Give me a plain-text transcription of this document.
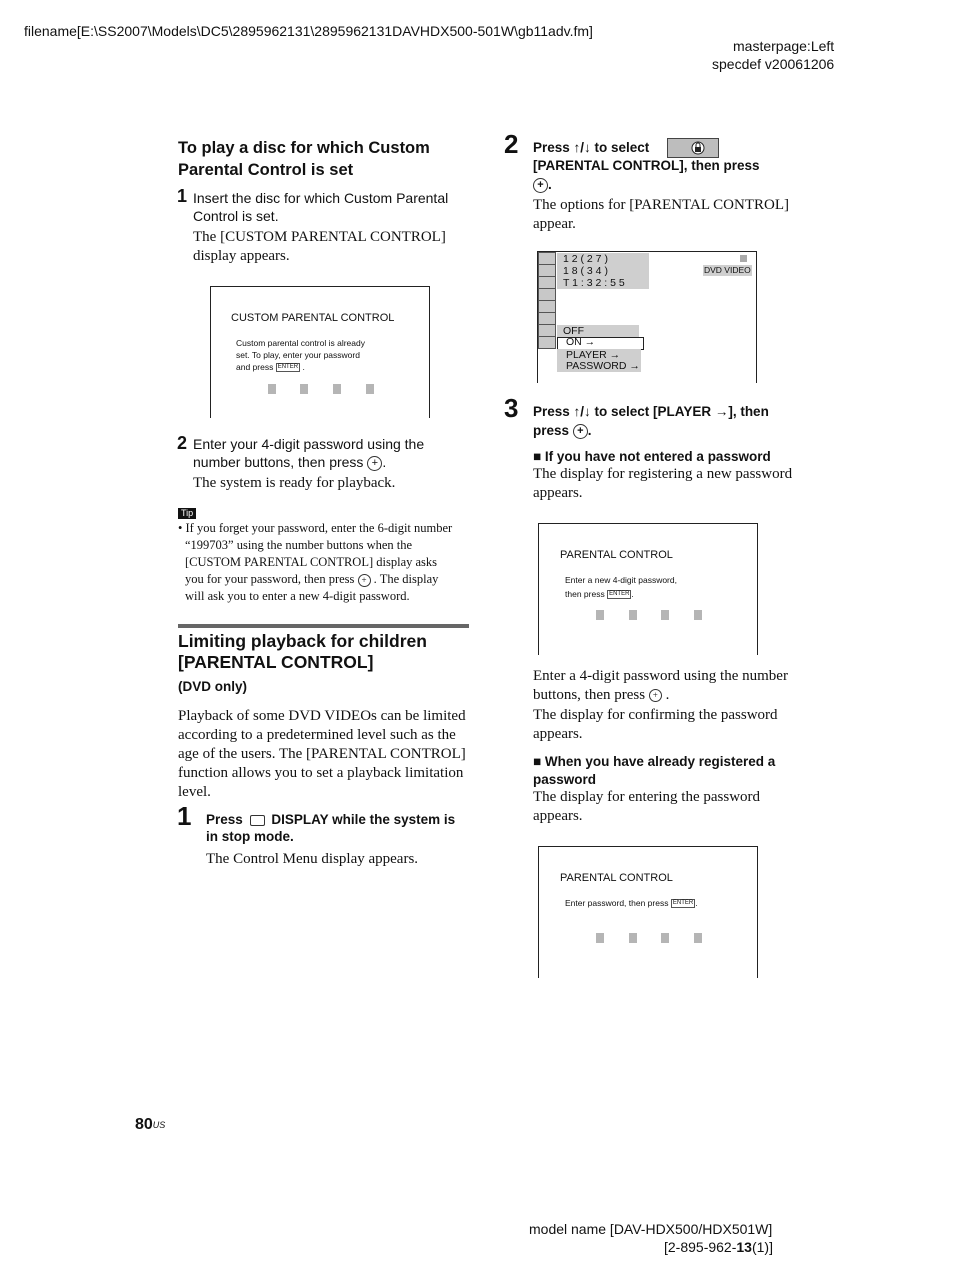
filename[E:\SS2007\Models\DC5\2895962131\2895962131DAVHDX500-501W\gb11adv.fm]
masterpage:Left
specdef v20061206
To play a disc for which Custom
Parental Control is set
1 Insert the disc for which Custom Parental
Control is set.
The [CUSTOM PARENTAL CONTROL]
display appears.
CUSTOM PARENTAL CONTROL
Custom parental control is already
set. To play, enter your password
and press ENTER .
2 Enter your 4-digit password using the
number buttons, then press + .
The system is ready for playback.
Tip
• If you forget your password, enter the 6-digit number
“199703” using the number buttons when the
[CUSTOM PARENTAL CONTROL] display asks
you for your password, then press + . The display
will ask you to enter a new 4-digit password.
Limiting playback for children
[PARENTAL CONTROL]
(DVD only)
Playback of some DVD VIDEOs can be limited
according to a predetermined level such as the
age of the users. The [PARENTAL CONTROL]
function allows you to set a playback limitation
level.
1 Press DISPLAY while the system is
in stop mode.
The Control Menu display appears.
2 Press ↑/↓ to select
[PARENTAL CONTROL], then press
+ .
The options for [PARENTAL CONTROL]
appear.
1 2 ( 2 7 )
1 8 ( 3 4 )
T 1 : 3 2 : 5 5
DVD VIDEO
OFF
ON →
PLAYER →
PASSWORD →
3 Press ↑/↓ to select [PLAYER →], then
press + .
■ If you have not entered a password
The display for registering a new password
appears.
PARENTAL CONTROL
Enter a new 4-digit password,
then press ENTER .
Enter a 4-digit password using the number
buttons, then press + .
The display for confirming the password
appears.
■ When you have already registered a
password
The display for entering the password
appears.
PARENTAL CONTROL
Enter password, then press ENTER .
$80^{US}$
model name [DAV-HDX500/HDX501W]
[2-895-962-13(1)]
